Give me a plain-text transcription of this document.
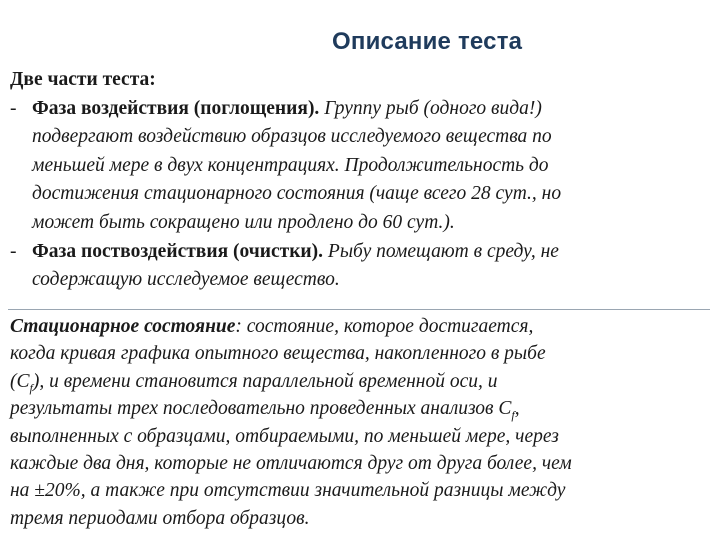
Описание теста
Две части теста:
- Фаза воздействия (поглощения). Группу рыб (одного вида!)
подвергают воздействию образцов исследуемого вещества по
меньшей мере в двух концентрациях. Продолжительность до
достижения стационарного состояния (чаще всего 28 сут., но
может быть сокращено или продлено до 60 сут.).
- Фаза поствоздействия (очистки). Рыбу помещают в среду, не
содержащую исследуемое вещество.
Стационарное состояние: состояние, которое достигается,
когда кривая графика опытного вещества, накопленного в рыбе
$(C_f)$, и времени становится параллельной временной оси, и
результаты трех последовательно проведенных анализов $C_f$,
выполненных с образцами, отбираемыми, по меньшей мере, через
каждые два дня, которые не отличаются друг от друга более, чем
на ±20%, а также при отсутствии значительной разницы между
тремя периодами отбора образцов.
